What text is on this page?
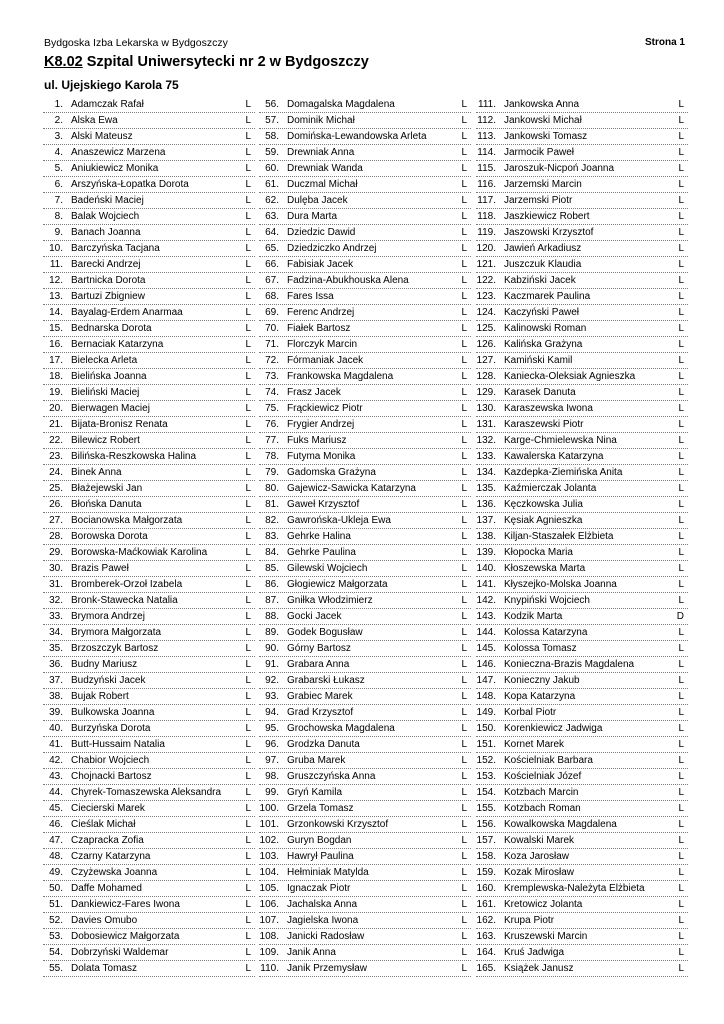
Bydgoska Izba Lekarska w Bydgoszczy	Strona 1
K8.02 Szpital Uniwersytecki nr 2 w Bydgoszczy
ul. Ujejskiego Karola 75
1. Adamczak Rafał	L
2. Alska Ewa	L
3. Alski Mateusz	L
4. Anaszewicz Marzena	L
5. Aniukiewicz Monika	L
6. Arszyńska-Łopatka Dorota	L
7. Badeński Maciej	L
8. Balak Wojciech	L
9. Banach Joanna	L
10. Barczyńska Tacjana	L
11. Barecki Andrzej	L
12. Bartnicka Dorota	L
13. Bartuzi Zbigniew	L
14. Bayalag-Erdem Anarmaa	L
15. Bednarska Dorota	L
16. Bernaciak Katarzyna	L
17. Bielecka Arleta	L
18. Bielińska Joanna	L
19. Bieliński Maciej	L
20. Bierwagen Maciej	L
21. Bijata-Bronisz Renata	L
22. Bilewicz Robert	L
23. Bilińska-Reszkowska Halina	L
24. Binek Anna	L
25. Błażejewski Jan	L
26. Błońska Danuta	L
27. Bocianowska Małgorzata	L
28. Borowska Dorota	L
29. Borowska-Maćkowiak Karolina	L
30. Brazis Paweł	L
31. Bromberek-Orzoł Izabela	L
32. Bronk-Stawecka Natalia	L
33. Brymora Andrzej	L
34. Brymora Małgorzata	L
35. Brzoszczyk Bartosz	L
36. Budny Mariusz	L
37. Budzyński Jacek	L
38. Bujak Robert	L
39. Bulkowska Joanna	L
40. Burzyńska Dorota	L
41. Butt-Hussaim Natalia	L
42. Chabior Wojciech	L
43. Chojnacki Bartosz	L
44. Chyrek-Tomaszewska Aleksandra	L
45. Ciecierski Marek	L
46. Cieślak Michał	L
47. Czapracka Zofia	L
48. Czarny Katarzyna	L
49. Czyżewska Joanna	L
50. Daffe Mohamed	L
51. Dankiewicz-Fares Iwona	L
52. Davies Omubo	L
53. Dobosiewicz Małgorzata	L
54. Dobrzyński Waldemar	L
55. Dolata Tomasz	L
56. Domagalska Magdalena	L
57. Dominik Michał	L
58. Domińska-Lewandowska Arleta	L
59. Drewniak Anna	L
60. Drewniak Wanda	L
61. Duczmal Michał	L
62. Dulęba Jacek	L
63. Dura Marta	L
64. Dziedzic Dawid	L
65. Dziedziczko Andrzej	L
66. Fabisiak Jacek	L
67. Fadzina-Abukhouska Alena	L
68. Fares Issa	L
69. Ferenc Andrzej	L
70. Fiałek Bartosz	L
71. Florczyk Marcin	L
72. Fórmaniak Jacek	L
73. Frankowska Magdalena	L
74. Frasz Jacek	L
75. Frąckiewicz Piotr	L
76. Frygier Andrzej	L
77. Fuks Mariusz	L
78. Futyma Monika	L
79. Gadomska Grażyna	L
80. Gajewicz-Sawicka Katarzyna	L
81. Gaweł Krzysztof	L
82. Gawrońska-Ukleja Ewa	L
83. Gehrke Halina	L
84. Gehrke Paulina	L
85. Gilewski Wojciech	L
86. Głogiewicz Małgorzata	L
87. Gniłka Włodzimierz	L
88. Gocki Jacek	L
89. Godek Bogusław	L
90. Górny Bartosz	L
91. Grabara Anna	L
92. Grabarski Łukasz	L
93. Grabiec Marek	L
94. Grad Krzysztof	L
95. Grochowska Magdalena	L
96. Grodzka Danuta	L
97. Gruba Marek	L
98. Gruszczyńska Anna	L
99. Gryń Kamila	L
100. Grzela Tomasz	L
101. Grzonkowski Krzysztof	L
102. Guryn Bogdan	L
103. Hawrył Paulina	L
104. Hełminiak Matylda	L
105. Ignaczak Piotr	L
106. Jachalska Anna	L
107. Jagielska Iwona	L
108. Janicki Radosław	L
109. Janik Anna	L
110. Janik Przemysław	L
111. Jankowska Anna	L
112. Jankowski Michał	L
113. Jankowski Tomasz	L
114. Jarmocik Paweł	L
115. Jaroszuk-Nicpoń Joanna	L
116. Jarzemski Marcin	L
117. Jarzemski Piotr	L
118. Jaszkiewicz Robert	L
119. Jaszowski Krzysztof	L
120. Jawień Arkadiusz	L
121. Juszczuk Klaudia	L
122. Kabziński Jacek	L
123. Kaczmarek Paulina	L
124. Kaczyński Paweł	L
125. Kalinowski Roman	L
126. Kalińska Grażyna	L
127. Kamiński Kamil	L
128. Kaniecka-Oleksiak Agnieszka	L
129. Karasek Danuta	L
130. Karaszewska Iwona	L
131. Karaszewski Piotr	L
132. Karge-Chmielewska Nina	L
133. Kawalerska Katarzyna	L
134. Kazdepka-Ziemińska Anita	L
135. Kaźmierczak Jolanta	L
136. Kęczkowska Julia	L
137. Kęsiak Agnieszka	L
138. Kiljan-Staszałek Elżbieta	L
139. Kłopocka Maria	L
140. Kłoszewska Marta	L
141. Kłyszejko-Molska Joanna	L
142. Knypiński Wojciech	L
143. Kodzik Marta	D
144. Kolossa Katarzyna	L
145. Kolossa Tomasz	L
146. Konieczna-Brazis Magdalena	L
147. Konieczny Jakub	L
148. Kopa Katarzyna	L
149. Korbal Piotr	L
150. Korenkiewicz Jadwiga	L
151. Kornet Marek	L
152. Kościelniak Barbara	L
153. Kościelniak Józef	L
154. Kotzbach Marcin	L
155. Kotzbach Roman	L
156. Kowalkowska Magdalena	L
157. Kowalski Marek	L
158. Koza Jarosław	L
159. Kozak Mirosław	L
160. Kremplewska-Należyta Elżbieta	L
161. Kretowicz Jolanta	L
162. Krupa Piotr	L
163. Kruszewski Marcin	L
164. Kruś Jadwiga	L
165. Książek Janusz	L
